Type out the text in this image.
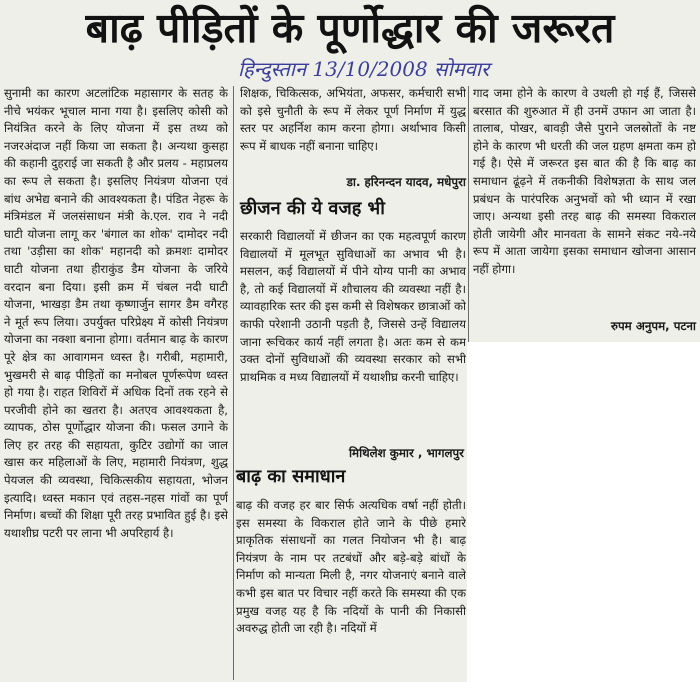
बाढ़ पीड़ितों के पूर्णोद्धार की जरूरत
हिन्दुस्तान 13/10/2008 सोमवार

सुनामी का कारण अटलांटिक महासागर के सतह के नीचे भयंकर भूचाल माना गया है। इसलिए कोसी को नियंत्रित करने के लिए योजना में इस तथ्य को नजरअंदाज नहीं किया जा सकता है। अन्यथा कुसहा की कहानी दुहराई जा सकती है और प्रलय - महाप्रलय का रूप ले सकता है। इसलिए नियंत्रण योजना एवं बांध अभेद्य बनाने की आवश्यकता है। पंडित नेहरू के मंत्रिमंडल में जलसंसाधन मंत्री के.एल. राव ने नदी घाटी योजना लागू कर 'बंगाल का शोक' दामोदर नदी तथा 'उड़ीसा का शोक' महानदी को क्रमशः दामोदर घाटी योजना तथा हीराकुंड डैम योजना के जरिये वरदान बना दिया। इसी क्रम में चंबल नदी घाटी योजना, भाखड़ा डैम तथा कृष्णार्जुन सागर डैम वगैरह ने मूर्त रूप लिया। उपर्युक्त परिप्रेक्ष्य में कोसी नियंत्रण योजना का नक्शा बनाना होगा। वर्तमान बाढ़ के कारण पूरे क्षेत्र का आवागमन ध्वस्त है। गरीबी, महामारी, भुखमरी से बाढ़ पीड़ितों का मनोबल पूर्णरूपेण ध्वस्त हो गया है। राहत शिविरों में अधिक दिनों तक रहने से परजीवी होने का खतरा है। अतएव आवश्यकता है, व्यापक, ठोस पूर्णोद्धार योजना की। फसल उगाने के लिए हर तरह की सहायता, कुटिर उद्योगों का जाल खास कर महिलाओं के लिए, महामारी नियंत्रण, शुद्ध पेयजल की व्यवस्था, चिकित्सकीय सहायता, भोजन इत्यादि। ध्वस्त मकान एवं तहस-नहस गांवों का पूर्ण निर्माण। बच्चों की शिक्षा पूरी तरह प्रभावित हुई है। इसे यथाशीघ्र पटरी पर लाना भी अपरिहार्य है।

शिक्षक, चिकित्सक, अभियंता, अफसर, कर्मचारी सभी को इसे चुनौती के रूप में लेकर पूर्ण निर्माण में युद्ध स्तर पर अहर्निश काम करना होगा। अर्थाभाव किसी रूप में बाधक नहीं बनाना चाहिए।

डा. हरिनन्दन यादव, मधेपुरा
छीजन की ये वजह भी

सरकारी विद्यालयों में छीजन का एक महत्वपूर्ण कारण विद्यालयों में मूलभूत सुविधाओं का अभाव भी है। मसलन, कई विद्यालयों में पीने योग्य पानी का अभाव है, तो कई विद्यालयों में शौचालय की व्यवस्था नहीं है। व्यावहारिक स्तर की इस कमी से विशेषकर छात्राओं को काफी परेशानी उठानी पड़ती है, जिससे उन्हें विद्यालय जाना रूचिकर कार्य नहीं लगता है। अतः कम से कम उक्त दोनों सुविधाओं की व्यवस्था सरकार को सभी प्राथमिक व मध्य विद्यालयों में यथाशीघ्र करनी चाहिए।

मिथिलेश कुमार , भागलपुर
बाढ़ का समाधान

बाढ़ की वजह हर बार सिर्फ अत्यधिक वर्षा नहीं होती। इस समस्या के विकराल होते जाने के पीछे हमारे प्राकृतिक संसाधनों का गलत नियोजन भी है। बाढ़ नियंत्रण के नाम पर तटबंधों और बड़े-बड़े बांधों के निर्माण को मान्यता मिली है, नगर योजनाएं बनाने वाले कभी इस बात पर विचार नहीं करते कि समस्या की एक प्रमुख वजह यह है कि नदियों के पानी की निकासी अवरुद्ध होती जा रही है। नदियों में

गाद जमा होने के कारण वे उथली हो गई हैं, जिससे बरसात की शुरुआत में ही उनमें उफान आ जाता है। तालाब, पोखर, बावड़ी जैसे पुराने जलस्रोतों के नष्ट होने के कारण भी धरती की जल ग्रहण क्षमता कम हो गई है। ऐसे में जरूरत इस बात की है कि बाढ़ का समाधान ढूंढ़ने में तकनीकी विशेषज्ञता के साथ जल प्रबंधन के पारंपरिक अनुभवों को भी ध्यान में रखा जाए। अन्यथा इसी तरह बाढ़ की समस्या विकराल होती जायेगी और मानवता के सामने संकट नये-नये रूप में आता जायेगा इसका समाधान खोजना आसान नहीं होगा।

रुपम अनुपम, पटना
